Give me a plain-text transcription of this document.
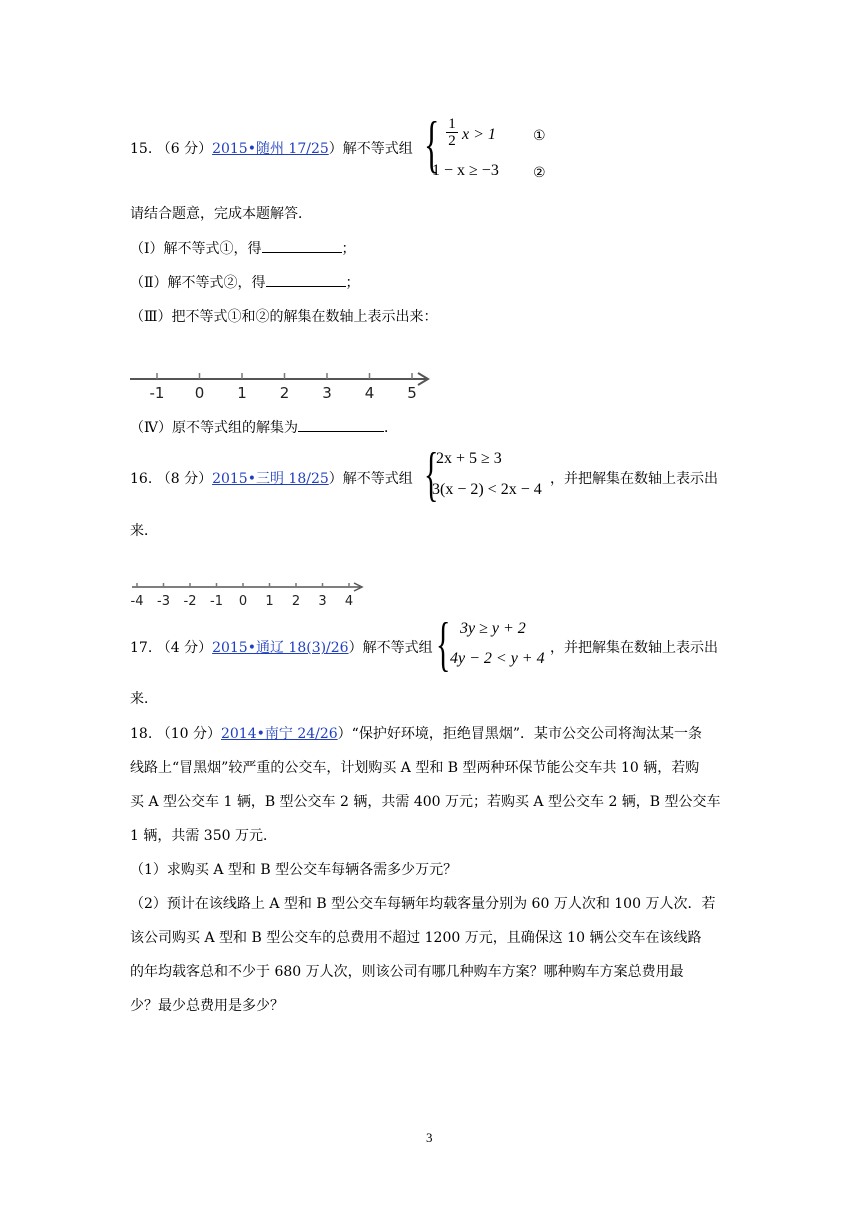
15. （6 分）2015•随州 17/25）解不等式组 { $\frac{1}{2}$ x > 1
1 − x ≥ −3
①
②
请结合题意，完成本题解答．
（Ⅰ）解不等式①，得	；
（Ⅱ）解不等式②，得	；
（Ⅲ）把不等式①和②的解集在数轴上表示出来：
-1 0 1 2 3 4 5
（Ⅳ）原不等式组的解集为	．
16. （8 分）2015•三明 18/25）解不等式组 {
2x + 5 ≥ 3
3(x − 2) < 2x − 4
，并把解集在数轴上表示出
来．
-4 -3 -2 -1 0 1 2 3 4
17. （4 分）2015•通辽 18(3)/26）解不等式组 { 3y ≥ y + 2
4y − 2 < y + 4
，并把解集在数轴上表示出
来．
18. （10 分）2014•南宁 24/26）“保护好环境，拒绝冒黑烟”．某市公交公司将淘汰某一条
线路上“冒黑烟”较严重的公交车，计划购买 A 型和 B 型两种环保节能公交车共 10 辆，若购
买 A 型公交车 1 辆，B 型公交车 2 辆，共需 400 万元；若购买 A 型公交车 2 辆，B 型公交车
1 辆，共需 350 万元．
（1）求购买 A 型和 B 型公交车每辆各需多少万元？
（2）预计在该线路上 A 型和 B 型公交车每辆年均载客量分别为 60 万人次和 100 万人次．若
该公司购买 A 型和 B 型公交车的总费用不超过 1200 万元，且确保这 10 辆公交车在该线路
的年均载客总和不少于 680 万人次，则该公司有哪几种购车方案？哪种购车方案总费用最
少？最少总费用是多少？
3
